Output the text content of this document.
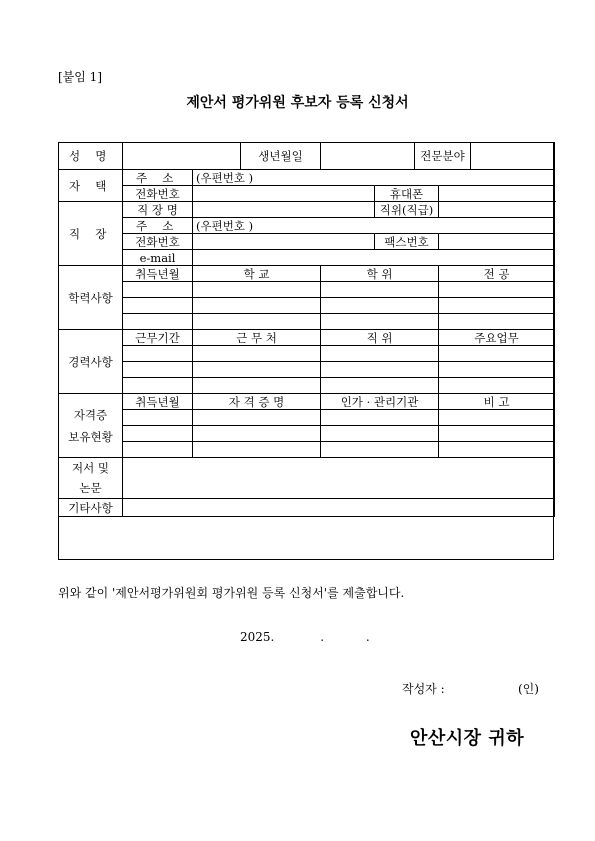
[붙임 1]
제안서 평가위원 후보자 등록 신청서
성 명			생년월일			전문분야		
자 택	주 소	(우편번호 )						
	전화번호				휴대폰			
직 장	직 장 명				직위(직급)			
	주 소	(우편번호 )						
	전화번호				팩스번호			
	e-mail							
학력사항	취득년월	학 교		학 위			전 공	

경력사항	근무기간	근 무 처		직 위			주요업무	

자격증
보유현황	취득년월	자 격 증 명		인가 · 관리기관			비 고	

저서 및
논문								

기타사항								
위와 같이 '제안서평가위원회 평가위원 등록 신청서'를 제출합니다.
2025.	.	.
작성자 :	(인)
안산시장 귀하
